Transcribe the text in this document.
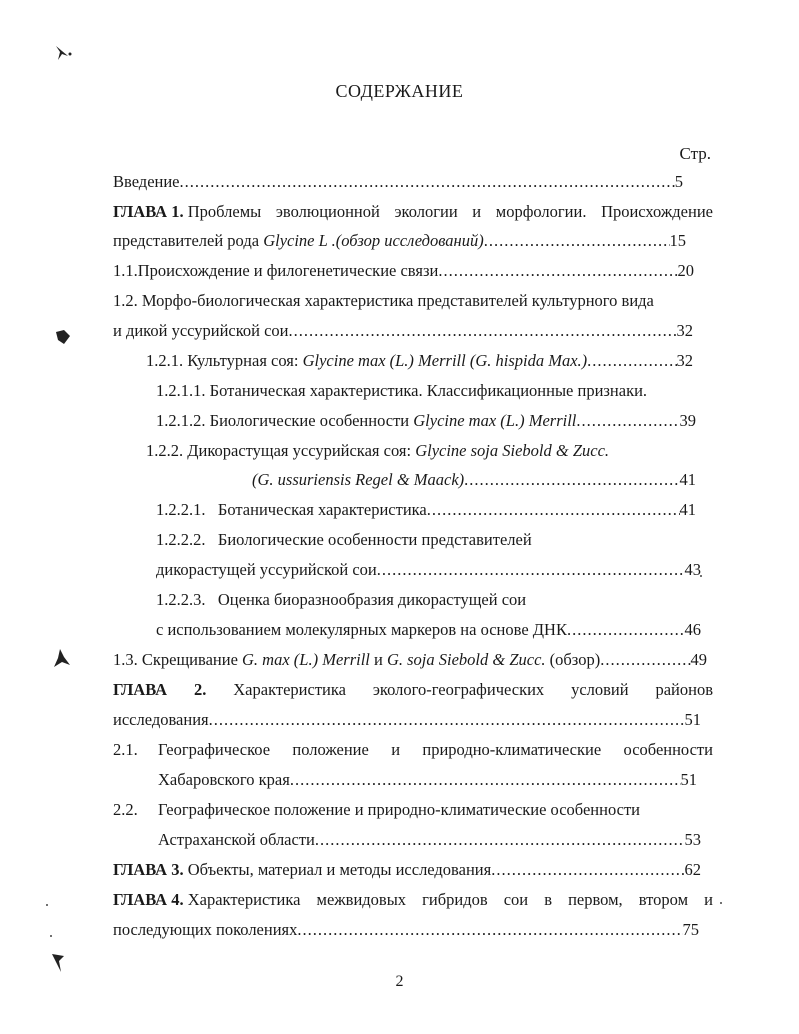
СОДЕРЖАНИЕ
Стр.
Введение .....	5
ГЛАВА 1. Проблемы эволюционной экологии и морфологии. Происхождение
представителей рода Glycine L .(обзор исследований) .....	15
1.1.Происхождение и филогенетические связи .....	20
1.2. Морфо-биологическая характеристика представителей культурного вида
и дикой уссурийской сои .....	32
1.2.1. Культурная соя: Glycine max (L.) Merrill (G. hispida Max.) .....	32
1.2.1.1. Ботаническая характеристика. Классификационные признаки.
1.2.1.2. Биологические особенности Glycine max (L.) Merrill .....	39
1.2.2. Дикорастущая уссурийская соя: Glycine soja Siebold & Zucc.
(G. ussuriensis Regel & Maack) .....	41
1.2.2.1. Ботаническая характеристика .....	41
1.2.2.2. Биологические особенности представителей
дикорастущей уссурийской сои .....	43
1.2.2.3. Оценка биоразнообразия дикорастущей сои
с использованием молекулярных маркеров на основе ДНК .....	46
1.3. Скрещивание G. max (L.) Merrill и G. soja Siebold & Zucc. (обзор) .....	49
ГЛАВА 2. Характеристика эколого-географических условий районов
исследования .....	51
2.1. Географическое положение и природно-климатические особенности
Хабаровского края .....	51
2.2. Географическое положение и природно-климатические особенности
Астраханской области .....	53
ГЛАВА 3. Объекты, материал и методы исследования .....	62
ГЛАВА 4. Характеристика межвидовых гибридов сои в первом, втором и
последующих поколениях .....	75
2
